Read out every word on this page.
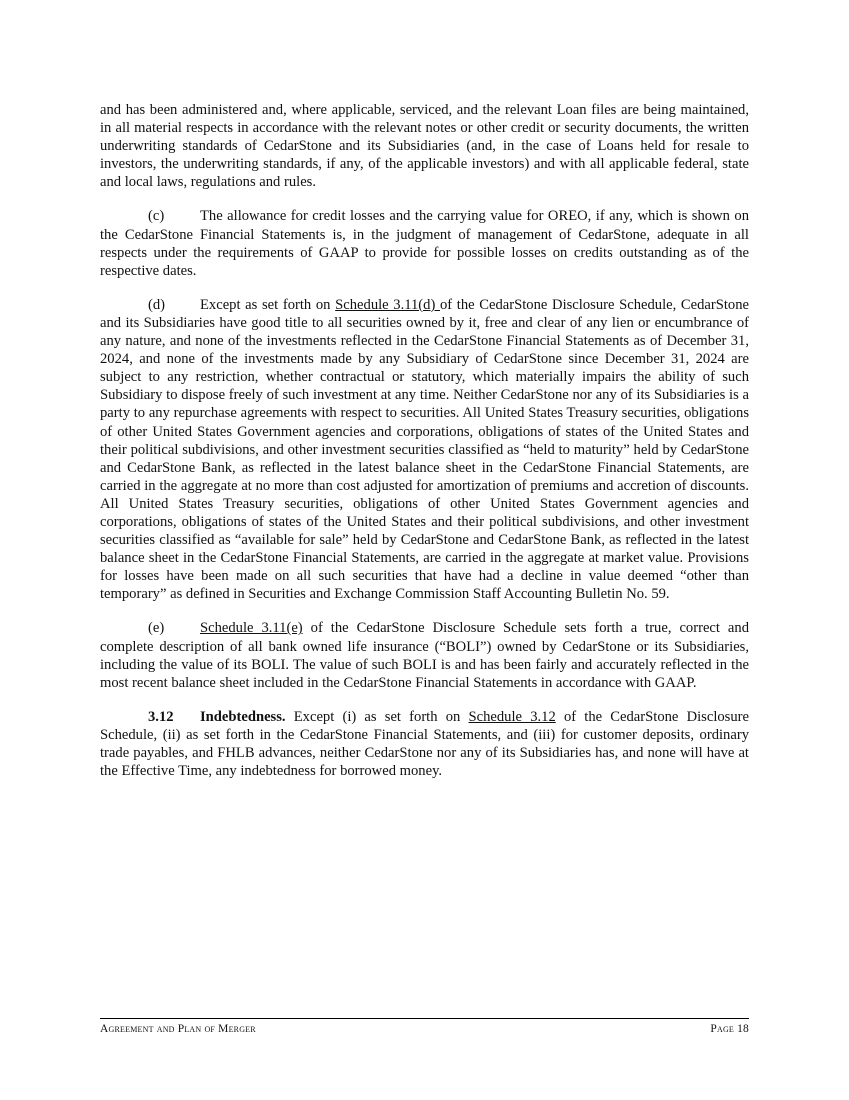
and has been administered and, where applicable, serviced, and the relevant Loan files are being maintained, in all material respects in accordance with the relevant notes or other credit or security documents, the written underwriting standards of CedarStone and its Subsidiaries (and, in the case of Loans held for resale to investors, the underwriting standards, if any, of the applicable investors) and with all applicable federal, state and local laws, regulations and rules.

(c) The allowance for credit losses and the carrying value for OREO, if any, which is shown on the CedarStone Financial Statements is, in the judgment of management of CedarStone, adequate in all respects under the requirements of GAAP to provide for possible losses on credits outstanding as of the respective dates.

(d) Except as set forth on Schedule 3.11(d) of the CedarStone Disclosure Schedule, CedarStone and its Subsidiaries have good title to all securities owned by it, free and clear of any lien or encumbrance of any nature, and none of the investments reflected in the CedarStone Financial Statements as of December 31, 2024, and none of the investments made by any Subsidiary of CedarStone since December 31, 2024 are subject to any restriction, whether contractual or statutory, which materially impairs the ability of such Subsidiary to dispose freely of such investment at any time. Neither CedarStone nor any of its Subsidiaries is a party to any repurchase agreements with respect to securities. All United States Treasury securities, obligations of other United States Government agencies and corporations, obligations of states of the United States and their political subdivisions, and other investment securities classified as “held to maturity” held by CedarStone and CedarStone Bank, as reflected in the latest balance sheet in the CedarStone Financial Statements, are carried in the aggregate at no more than cost adjusted for amortization of premiums and accretion of discounts. All United States Treasury securities, obligations of other United States Government agencies and corporations, obligations of states of the United States and their political subdivisions, and other investment securities classified as “available for sale” held by CedarStone and CedarStone Bank, as reflected in the latest balance sheet in the CedarStone Financial Statements, are carried in the aggregate at market value. Provisions for losses have been made on all such securities that have had a decline in value deemed “other than temporary” as defined in Securities and Exchange Commission Staff Accounting Bulletin No. 59.

(e) Schedule 3.11(e) of the CedarStone Disclosure Schedule sets forth a true, correct and complete description of all bank owned life insurance (“BOLI”) owned by CedarStone or its Subsidiaries, including the value of its BOLI. The value of such BOLI is and has been fairly and accurately reflected in the most recent balance sheet included in the CedarStone Financial Statements in accordance with GAAP.

3.12 Indebtedness. Except (i) as set forth on Schedule 3.12 of the CedarStone Disclosure Schedule, (ii) as set forth in the CedarStone Financial Statements, and (iii) for customer deposits, ordinary trade payables, and FHLB advances, neither CedarStone nor any of its Subsidiaries has, and none will have at the Effective Time, any indebtedness for borrowed money.

Agreement and Plan of Merger	Page 18
